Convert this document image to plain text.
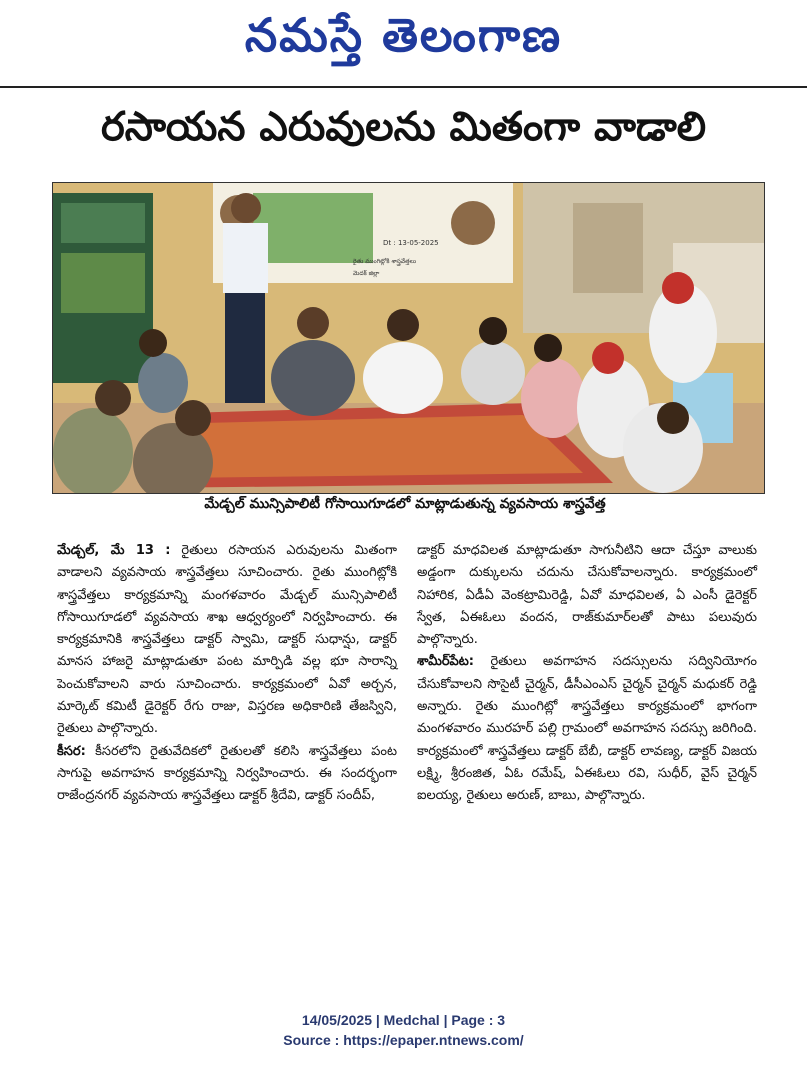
నమస్తే తెలంగాణ
రసాయన ఎరువులను మితంగా వాడాలి
Dt : 13-05-2025
రైతు ముంగిట్లోకి శాస్త్రవేత్తలు
మెదక్ జిల్లా
మేడ్చల్ మున్సిపాలిటీ గోసాయిగూడలో మాట్లాడుతున్న వ్యవసాయ శాస్త్రవేత్త

మేడ్చల్, మే 13 : రైతులు రసాయన ఎరువులను మితంగా వాడాలని వ్యవసాయ శాస్త్రవేత్తలు సూచించారు. రైతు ముంగిట్లోకి శాస్త్రవేత్తలు కార్యక్రమాన్ని మంగళవారం మేడ్చల్ మున్సిపాలిటీ గోసాయిగూడలో వ్యవసాయ శాఖ ఆధ్వర్యంలో నిర్వహించారు. ఈ కార్యక్రమానికి శాస్త్రవేత్తలు డాక్టర్ స్వామి, డాక్టర్ సుధాన్షు, డాక్టర్ మానస హాజరై మాట్లాడుతూ పంట మార్పిడి వల్ల భూ సారాన్ని పెంచుకోవాలని వారు సూచించారు. కార్యక్రమంలో ఏవో అర్చన, మార్కెట్ కమిటీ డైరెక్టర్ రేగు రాజు, విస్తరణ అధికారిణి తేజస్విని, రైతులు పాల్గొన్నారు.

కీసర: కీసరలోని రైతువేదికలో రైతులతో కలిసి శాస్త్రవేత్తలు పంట సాగుపై అవగాహన కార్యక్రమాన్ని నిర్వహించారు. ఈ సందర్భంగా రాజేంద్రనగర్ వ్యవసాయ శాస్త్రవేత్తలు డాక్టర్ శ్రీదేవి, డాక్టర్ సందీప్,

డాక్టర్ మాధవిలత మాట్లాడుతూ సాగునీటిని ఆదా చేస్తూ వాలుకు అడ్డంగా దుక్కులను చదును చేసుకోవాలన్నారు. కార్యక్రమంలో నిహారిక, ఏడీఏ వెంకట్రామిరెడ్డి, ఏవో మాధవిలత, ఏ ఎంసీ డైరెక్టర్ స్వేత, ఏఈఓలు వందన, రాజ్‌కుమార్‌లతో పాటు పలువురు పాల్గొన్నారు.

శామీర్‌పేట: రైతులు అవగాహన సదస్సులను సద్వినియోగం చేసుకోవాలని సొసైటీ చైర్మన్, డీసీఎంఎస్ చైర్మన్ చైర్మన్ మధుకర్ రెడ్డి అన్నారు. రైతు ముంగిట్లో శాస్త్రవేత్తలు కార్యక్రమంలో భాగంగా మంగళవారం మురహర్ పల్లి గ్రామంలో అవగాహన సదస్సు జరిగింది. కార్యక్రమంలో శాస్త్రవేత్తలు డాక్టర్ బేబీ, డాక్టర్ లావణ్య, డాక్టర్ విజయ లక్ష్మి, శ్రీరంజిత, ఏఓ రమేష్, ఏఈఓలు రవి, సుధీర్, వైస్ చైర్మన్ ఐలయ్య, రైతులు అరుణ్, బాబు, పాల్గొన్నారు.

14/05/2025 | Medchal | Page : 3
Source : https://epaper.ntnews.com/
